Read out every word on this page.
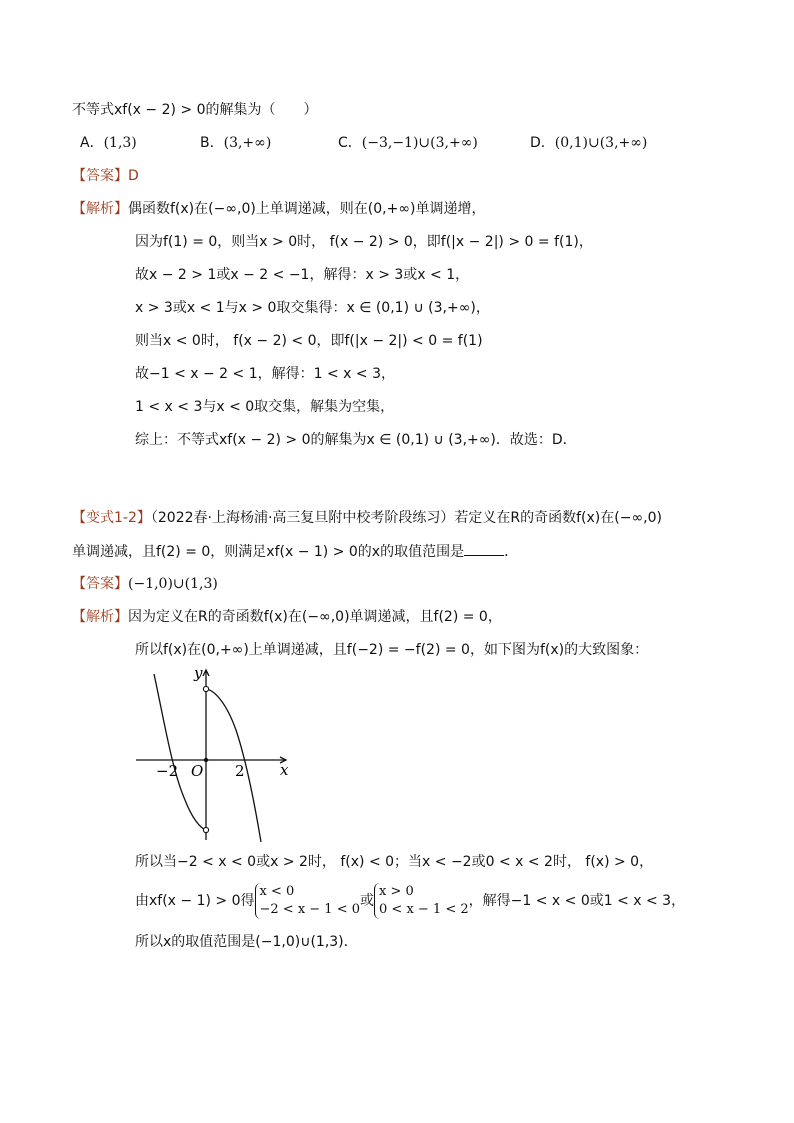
不等式xf(x − 2) > 0的解集为（　　）
A．(1,3)	B．(3,+∞)	C．(−3,−1)∪(3,+∞)	D．(0,1)∪(3,+∞)
【答案】D
【解析】偶函数f(x)在(−∞,0)上单调递减，则在(0,+∞)单调递增，
因为f(1) = 0，则当x > 0时， f(x − 2) > 0，即f(|x − 2|) > 0 = f(1)，
故x − 2 > 1或x − 2 < −1，解得：x > 3或x < 1，
x > 3或x < 1与x > 0取交集得：x ∈ (0,1) ∪ (3,+∞)，
则当x < 0时， f(x − 2) < 0，即f(|x − 2|) < 0 = f(1)
故−1 < x − 2 < 1，解得：1 < x < 3，
1 < x < 3与x < 0取交集，解集为空集，
综上：不等式xf(x − 2) > 0的解集为x ∈ (0,1) ∪ (3,+∞)．故选：D．
【变式1-2】（2022春·上海杨浦·高三复旦附中校考阶段练习）若定义在R的奇函数f(x)在(−∞,0)
单调递减，且f(2) = 0，则满足xf(x − 1) > 0的x的取值范围是	．
【答案】(−1,0)∪(1,3)
【解析】因为定义在R的奇函数f(x)在(−∞,0)单调递减，且f(2) = 0，
所以f(x)在(0,+∞)上单调递减，且f(−2) = −f(2) = 0，如下图为f(x)的大致图象：
y
x
O
−2	2
所以当−2 < x < 0或x > 2时， f(x) < 0；当x < −2或0 < x < 2时， f(x) > 0，
由xf(x − 1) > 0得x < 0
−2 < x − 1 < 0或x > 0
0 < x − 1 < 2，解得−1 < x < 0或1 < x < 3，
所以x的取值范围是(−1,0)∪(1,3)．
